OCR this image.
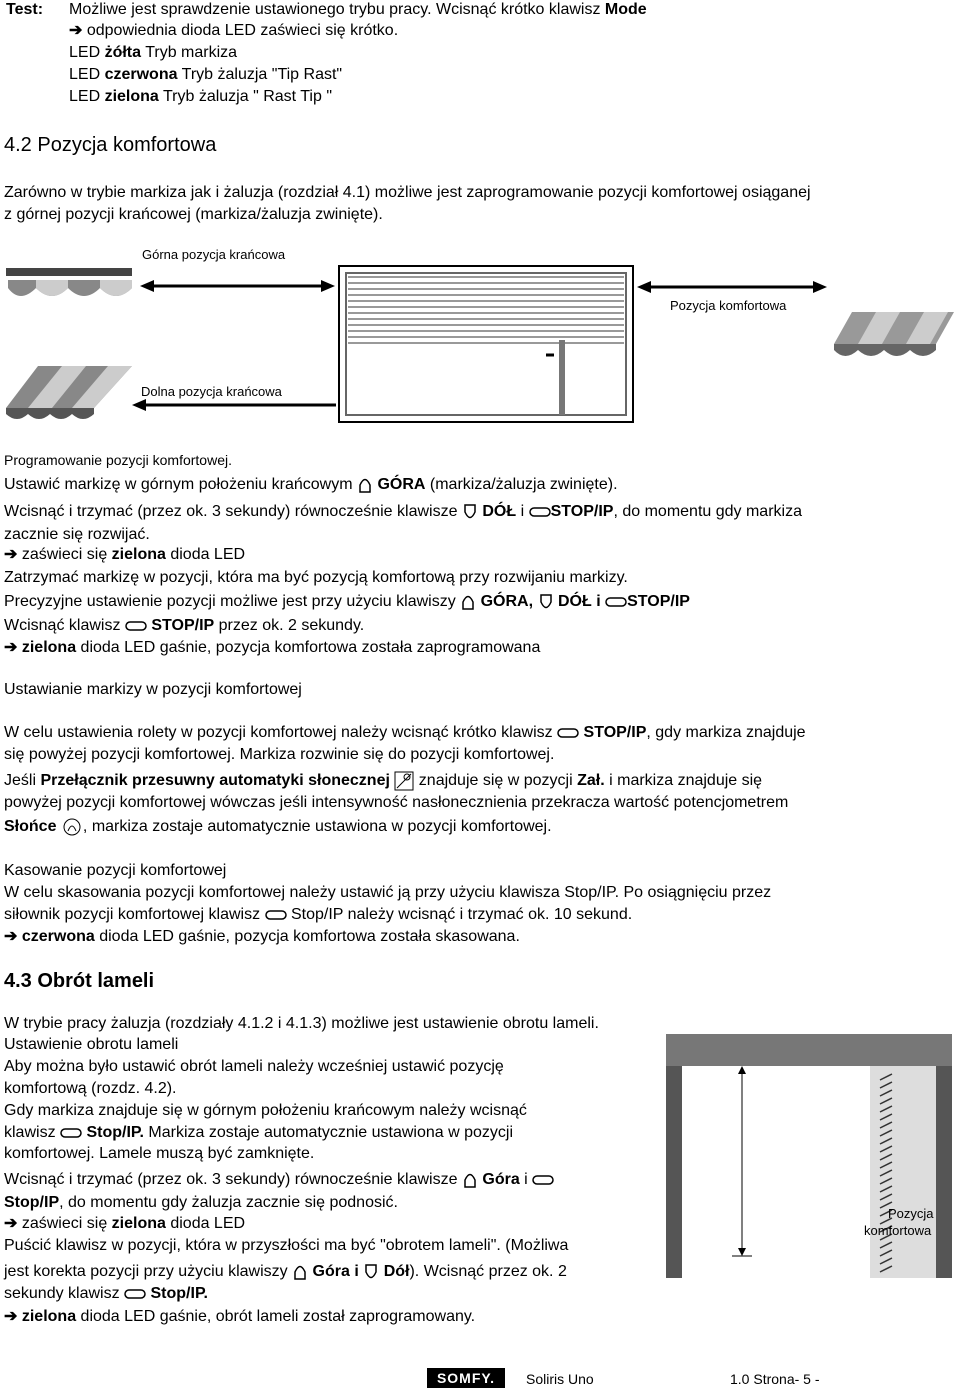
Test: Możliwe jest sprawdzenie ustawionego trybu pracy. Wcisnąć krótko klawisz Mode
➔ odpowiednia dioda LED zaświeci się krótko.
LED żółta Tryb markiza
LED czerwona Tryb żaluzja "Tip Rast"
LED zielona Tryb żaluzja " Rast Tip "
4.2 Pozycja komfortowa
Zarówno w trybie markiza jak i żaluzja (rozdział 4.1) możliwe jest zaprogramowanie pozycji komfortowej osiąganej
z górnej pozycji krańcowej (markiza/żaluzja zwinięte).
Górna pozycja krańcowa
Pozycja komfortowa
Dolna pozycja krańcowa
Programowanie pozycji komfortowej.
Ustawić markizę w górnym położeniu krańcowym  GÓRA (markiza/żaluzja zwinięte).
Wcisnąć i trzymać (przez ok. 3 sekundy) równocześnie klawisze  DÓŁ i STOP/IP, do momentu gdy markiza
zacznie się rozwijać.
➔ zaświeci się zielona dioda LED
Zatrzymać markizę w pozycji, która ma być pozycją komfortową przy rozwijaniu markizy.
Precyzyjne ustawienie pozycji możliwe jest przy użyciu klawiszy  GÓRA, DÓŁ i STOP/IP
Wcisnąć klawisz  STOP/IP przez ok. 2 sekundy.
➔ zielona dioda LED gaśnie, pozycja komfortowa została zaprogramowana
Ustawianie markizy w pozycji komfortowej
W celu ustawienia rolety w pozycji komfortowej należy wcisnąć krótko klawisz  STOP/IP, gdy markiza znajduje
się powyżej pozycji komfortowej. Markiza rozwinie się do pozycji komfortowej.
Jeśli Przełącznik przesuwny automatyki słonecznej  znajduje się w pozycji Zał. i markiza znajduje się
powyżej pozycji komfortowej wówczas jeśli intensywność nasłonecznienia przekracza wartość potencjometrem
Słońce , markiza zostaje automatycznie ustawiona w pozycji komfortowej.
Kasowanie pozycji komfortowej
W celu skasowania pozycji komfortowej należy ustawić ją przy użyciu klawisza Stop/IP. Po osiągnięciu przez
siłownik pozycji komfortowej klawisz  Stop/IP należy wcisnąć i trzymać ok. 10 sekund.
➔ czerwona dioda LED gaśnie, pozycja komfortowa została skasowana.
4.3 Obrót lameli
W trybie pracy żaluzja (rozdziały 4.1.2 i 4.1.3) możliwe jest ustawienie obrotu lameli.
Ustawienie obrotu lameli
Aby można było ustawić obrót lameli należy wcześniej ustawić pozycję
komfortową (rozdz. 4.2).
Gdy markiza znajduje się w górnym położeniu krańcowym należy wcisnąć
klawisz  Stop/IP. Markiza zostaje automatycznie ustawiona w pozycji
komfortowej. Lamele muszą być zamknięte.
Wcisnąć i trzymać (przez ok. 3 sekundy) równocześnie klawisze  Góra i
Stop/IP, do momentu gdy żaluzja zacznie się podnosić.
➔ zaświeci się zielona dioda LED
Puścić klawisz w pozycji, która w przyszłości ma być "obrotem lameli". (Możliwa
jest korekta pozycji przy użyciu klawiszy  Góra i Dół). Wcisnąć przez ok. 2
sekundy klawisz  Stop/IP.
➔ zielona dioda LED gaśnie, obrót lameli został zaprogramowany.
Pozycja
komfortowa
SOMFY.	Soliris Uno	1.0 Strona- 5 -
